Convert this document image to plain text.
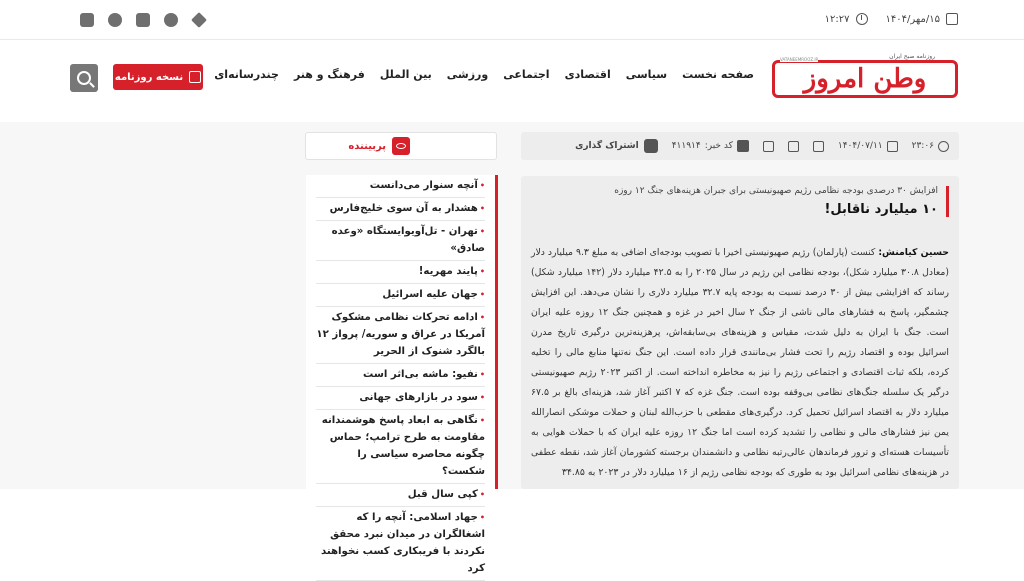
۱۵/مهر/۱۴۰۴
۱۲:۲۷
وطن امروز
روزنامه صبح ایران
VATANEEMROOZ.IR
صفحه نخست
سیاسی
اقتصادی
اجتماعی
ورزشی
بین الملل
فرهنگ و هنر
چندرسانه‌ای
نسخه روزنامه
۲۳:۰۶
۱۴۰۴/۰۷/۱۱
کد خبر:
۴۱۱۹۱۴
اشتراک گذاری
افزایش ۳۰ درصدی بودجه نظامی رژیم صهیونیستی برای جبران هزینه‌های جنگ ۱۲ روزه
۱۰ میلیارد ناقابل!
حسین کیامنش: کنست (پارلمان) رژیم صهیونیستی اخیرا با تصویب بودجه‌ای اضافی به مبلغ ۹.۳ میلیارد دلار (معادل ۳۰.۸ میلیارد شکل)، بودجه نظامی این رژیم در سال ۲۰۲۵ را به ۴۲.۵ میلیارد دلار (۱۴۲ میلیارد شکل) رساند که افزایشی بیش از ۳۰ درصد نسبت به بودجه پایه ۳۲.۷ میلیارد دلاری را نشان می‌دهد. این افزایش چشمگیر، پاسخ به فشارهای مالی ناشی از جنگ ۲ سال اخیر در غزه و همچنین جنگ ۱۲ روزه علیه ایران است. جنگ با ایران به دلیل شدت، مقیاس و هزینه‌های بی‌سابقه‌اش، پرهزینه‌ترین درگیری تاریخ مدرن اسرائیل بوده و اقتصاد رژیم را تحت فشار بی‌مانندی قرار داده است. این جنگ نه‌تنها منابع مالی را تخلیه کرده، بلکه ثبات اقتصادی و اجتماعی رژیم را نیز به مخاطره انداخته است. از اکتبر ۲۰۲۳ رژیم صهیونیستی درگیر یک سلسله جنگ‌های نظامی بی‌وقفه بوده است. جنگ غزه که ۷ اکتبر آغاز شد، هزینه‌ای بالغ بر ۶۷.۵ میلیارد دلار به اقتصاد اسرائیل تحمیل کرد. درگیری‌های مقطعی با حزب‌الله لبنان و حملات موشکی انصارالله یمن نیز فشارهای مالی و نظامی را تشدید کرده است اما جنگ ۱۲ روزه علیه ایران که با حملات هوایی به تأسیسات هسته‌ای و ترور فرماندهان عالی‌رتبه نظامی و دانشمندان برجسته کشورمان آغاز شد، نقطه عطفی در هزینه‌های نظامی اسرائیل بود به طوری که بودجه نظامی رژیم از ۱۶ میلیارد دلار در ۲۰۲۳ به ۳۴.۸۵
پربیننده
• آنچه سنوار می‌دانست
• هشدار به آن سوی خلیج‌فارس
• تهران - تل‌آویو‌ایستگاه «وعده صادق»
• پایند مهریه!
• جهان علیه اسرائیل
• ادامه تحرکات نظامی مشکوک آمریکا در عراق و سوریه/ پرواز ۱۲ بالگرد شنوک از الحریر
• نفیو: ماشه بی‌اثر است
• سود در بازارهای جهانی
• نگاهی به ابعاد پاسخ هوشمندانه مقاومت به طرح ترامپ؛ حماس چگونه محاصره سیاسی را شکست؟
• کپی سال قبل
• جهاد اسلامی: آنچه را که اشغالگران در میدان نبرد محقق نکردند با فریبکاری کسب نخواهند کرد
